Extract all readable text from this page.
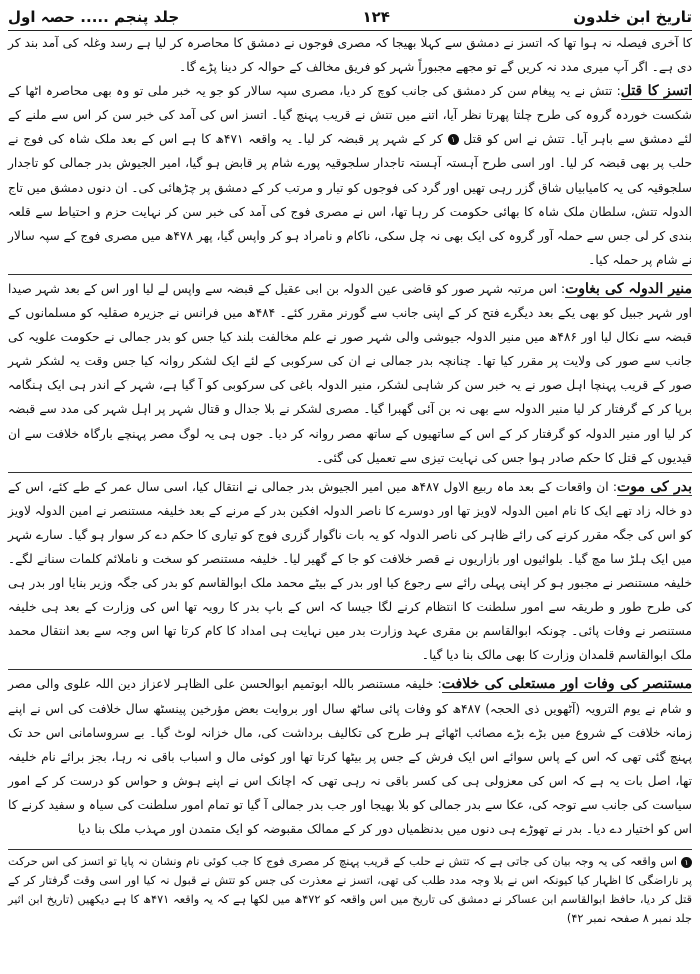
تاریخ ابن خلدون
۱۲۴
جلد پنجم ..... حصہ اول

کا آخری فیصلہ نہ ہوا تھا کہ اتسز نے دمشق سے کہلا بھیجا کہ مصری فوجوں نے دمشق کا محاصرہ کر لیا ہے رسد وغلہ کی آمد بند کر دی ہے۔ اگر آپ میری مدد نہ کریں گے تو مجھے مجبوراً شہر کو فریق مخالف کے حوالہ کر دینا پڑے گا۔

اتسز کا قتل: تتش نے یہ پیغام سن کر دمشق کی جانب کوچ کر دیا، مصری سپہ سالار کو جو یہ خبر ملی تو وہ بھی محاصرہ اٹھا کے شکست خوردہ گروہ کی طرح چلتا پھرتا نظر آیا، اتنے میں تتش نے قریب پہنچ گیا۔ اتسز اس کی آمد کی خبر سن کر اس سے ملنے کے لئے دمشق سے باہر آیا۔ تتش نے اس کو قتل ۱ کر کے شہر پر قبضہ کر لیا۔ یہ واقعہ ۴۷۱ھ کا ہے اس کے بعد ملک شاہ کی فوج نے حلب پر بھی قبضہ کر لیا۔ اور اسی طرح آہستہ آہستہ تاجدار سلجوقیہ پورے شام پر قابض ہو گیا، امیر الجیوش بدر جمالی کو تاجدار سلجوقیہ کی یہ کامیابیاں شاق گزر رہی تھیں اور گرد کی فوجوں کو تیار و مرتب کر کے دمشق پر چڑھائی کی۔ ان دنوں دمشق میں تاج الدولہ تتش، سلطان ملک شاہ کا بھائی حکومت کر رہا تھا، اس نے مصری فوج کی آمد کی خبر سن کر نہایت حزم و احتیاط سے قلعہ بندی کر لی جس سے حملہ آور گروہ کی ایک بھی نہ چل سکی، ناکام و نامراد ہو کر واپس گیا، پھر ۴۷۸ھ میں مصری فوج کے سپہ سالار نے شام پر حملہ کیا۔

منیر الدولہ کی بغاوت: اس مرتبہ شہر صور کو قاضی عین الدولہ بن ابی عقیل کے قبضہ سے واپس لے لیا اور اس کے بعد شہر صیدا اور شہر جبیل کو بھی یکے بعد دیگرے فتح کر کے اپنی جانب سے گورنر مقرر کئے۔ ۴۸۴ھ میں فرانس نے جزیرہ صقلیہ کو مسلمانوں کے قبضہ سے نکال لیا اور ۴۸۶ھ میں منیر الدولہ جیوشی والی شہر صور نے علم مخالفت بلند کیا جس کو بدر جمالی نے حکومت علویہ کی جانب سے صور کی ولایت پر مقرر کیا تھا۔ چنانچہ بدر جمالی نے ان کی سرکوبی کے لئے ایک لشکر روانہ کیا جس وقت یہ لشکر شہر صور کے قریب پہنچا اہل صور نے یہ خبر سن کر شاہی لشکر، منیر الدولہ باغی کی سرکوبی کو آ گیا ہے، شہر کے اندر ہی ایک ہنگامہ برپا کر کے گرفتار کر لیا منیر الدولہ سے بھی نہ بن آئی گھبرا گیا۔ مصری لشکر نے بلا جدال و قتال شہر پر اہل شہر کی مدد سے قبضہ کر لیا اور منیر الدولہ کو گرفتار کر کے اس کے ساتھیوں کے ساتھ مصر روانہ کر دیا۔ جوں ہی یہ لوگ مصر پہنچے بارگاہ خلافت سے ان قیدیوں کے قتل کا حکم صادر ہوا جس کی نہایت تیزی سے تعمیل کی گئی۔

بدر کی موت: ان واقعات کے بعد ماہ ربیع الاول ۴۸۷ھ میں امیر الجیوش بدر جمالی نے انتقال کیا، اسی سال عمر کے طے کئے، اس کے دو خالہ زاد تھے ایک کا نام امین الدولہ لاویز تھا اور دوسرے کا ناصر الدولہ افکین بدر کے مرنے کے بعد خلیفہ مستنصر نے امین الدولہ لاویز کو اس کی جگہ مقرر کرنے کی رائے ظاہر کی ناصر الدولہ کو یہ بات ناگوار گزری فوج کو تیاری کا حکم دے کر سوار ہو گیا۔ سارے شہر میں ایک ہلڑ سا مچ گیا۔ بلوائیوں اور بازاریوں نے قصر خلافت کو جا کے گھیر لیا۔ خلیفہ مستنصر کو سخت و ناملائم کلمات سنانے لگے۔ خلیفہ مستنصر نے مجبور ہو کر اپنی پہلی رائے سے رجوع کیا اور بدر کے بیٹے محمد ملک ابوالقاسم کو بدر کی جگہ وزیر بنایا اور بدر ہی کی طرح طور و طریقہ سے امور سلطنت کا انتظام کرنے لگا جیسا کہ اس کے باپ بدر کا رویہ تھا اس کی وزارت کے بعد ہی خلیفہ مستنصر نے وفات پائی۔ چونکہ ابوالقاسم بن مقری عہد وزارت بدر میں نہایت ہی امداد کا کام کرتا تھا اس وجہ سے بعد انتقال محمد ملک ابوالقاسم قلمدان وزارت کا بھی مالک بنا دیا گیا۔

مستنصر کی وفات اور مستعلی کی خلافت: خلیفہ مستنصر باللہ ابوتمیم ابوالحسن علی الظاہر لاعزاز دین اللہ علوی والی مصر و شام نے یوم الترویہ (آٹھویں ذی الحجہ) ۴۸۷ھ کو وفات پائی ساٹھ سال اور بروایت بعض مؤرخین پینسٹھ سال خلافت کی اس نے اپنے زمانہ خلافت کے شروع میں بڑے بڑے مصائب اٹھائے ہر طرح کی تکالیف برداشت کی، مال خزانہ لوٹ گیا۔ بے سروسامانی اس حد تک پہنچ گئی تھی کہ اس کے پاس سوائے اس ایک فرش کے جس پر بیٹھا کرتا تھا اور کوئی مال و اسباب باقی نہ رہا، بجز برائے نام خلیفہ تھا، اصل بات یہ ہے کہ اس کی معزولی ہی کی کسر باقی نہ رہی تھی کہ اچانک اس نے اپنے ہوش و حواس کو درست کر کے امور سیاست کی جانب سے توجہ کی، عکا سے بدر جمالی کو بلا بھیجا اور جب بدر جمالی آ گیا تو تمام امور سلطنت کی سیاہ و سفید کرنے کا اس کو اختیار دے دیا۔ بدر نے تھوڑے ہی دنوں میں بدنظمیاں دور کر کے ممالک مقبوضہ کو ایک متمدن اور مہذب ملک بنا دیا

۱ اس واقعہ کی یہ وجہ بیان کی جاتی ہے کہ تتش نے حلب کے قریب پہنچ کر مصری فوج کا جب کوئی نام ونشان نہ پایا تو اتسز کی اس حرکت پر ناراضگی کا اظہار کیا کیونکہ اس نے بلا وجہ مدد طلب کی تھی، اتسز نے معذرت کی جس کو تتش نے قبول نہ کیا اور اسی وقت گرفتار کر کے قتل کر دیا، حافظ ابوالقاسم ابن عساکر نے دمشق کی تاریخ میں اس واقعہ کو ۴۷۲ھ میں لکھا ہے کہ یہ واقعہ ۴۷۱ھ کا ہے دیکھیں (تاریخ ابن اثیر جلد نمبر ۸ صفحہ نمبر ۴۲)
